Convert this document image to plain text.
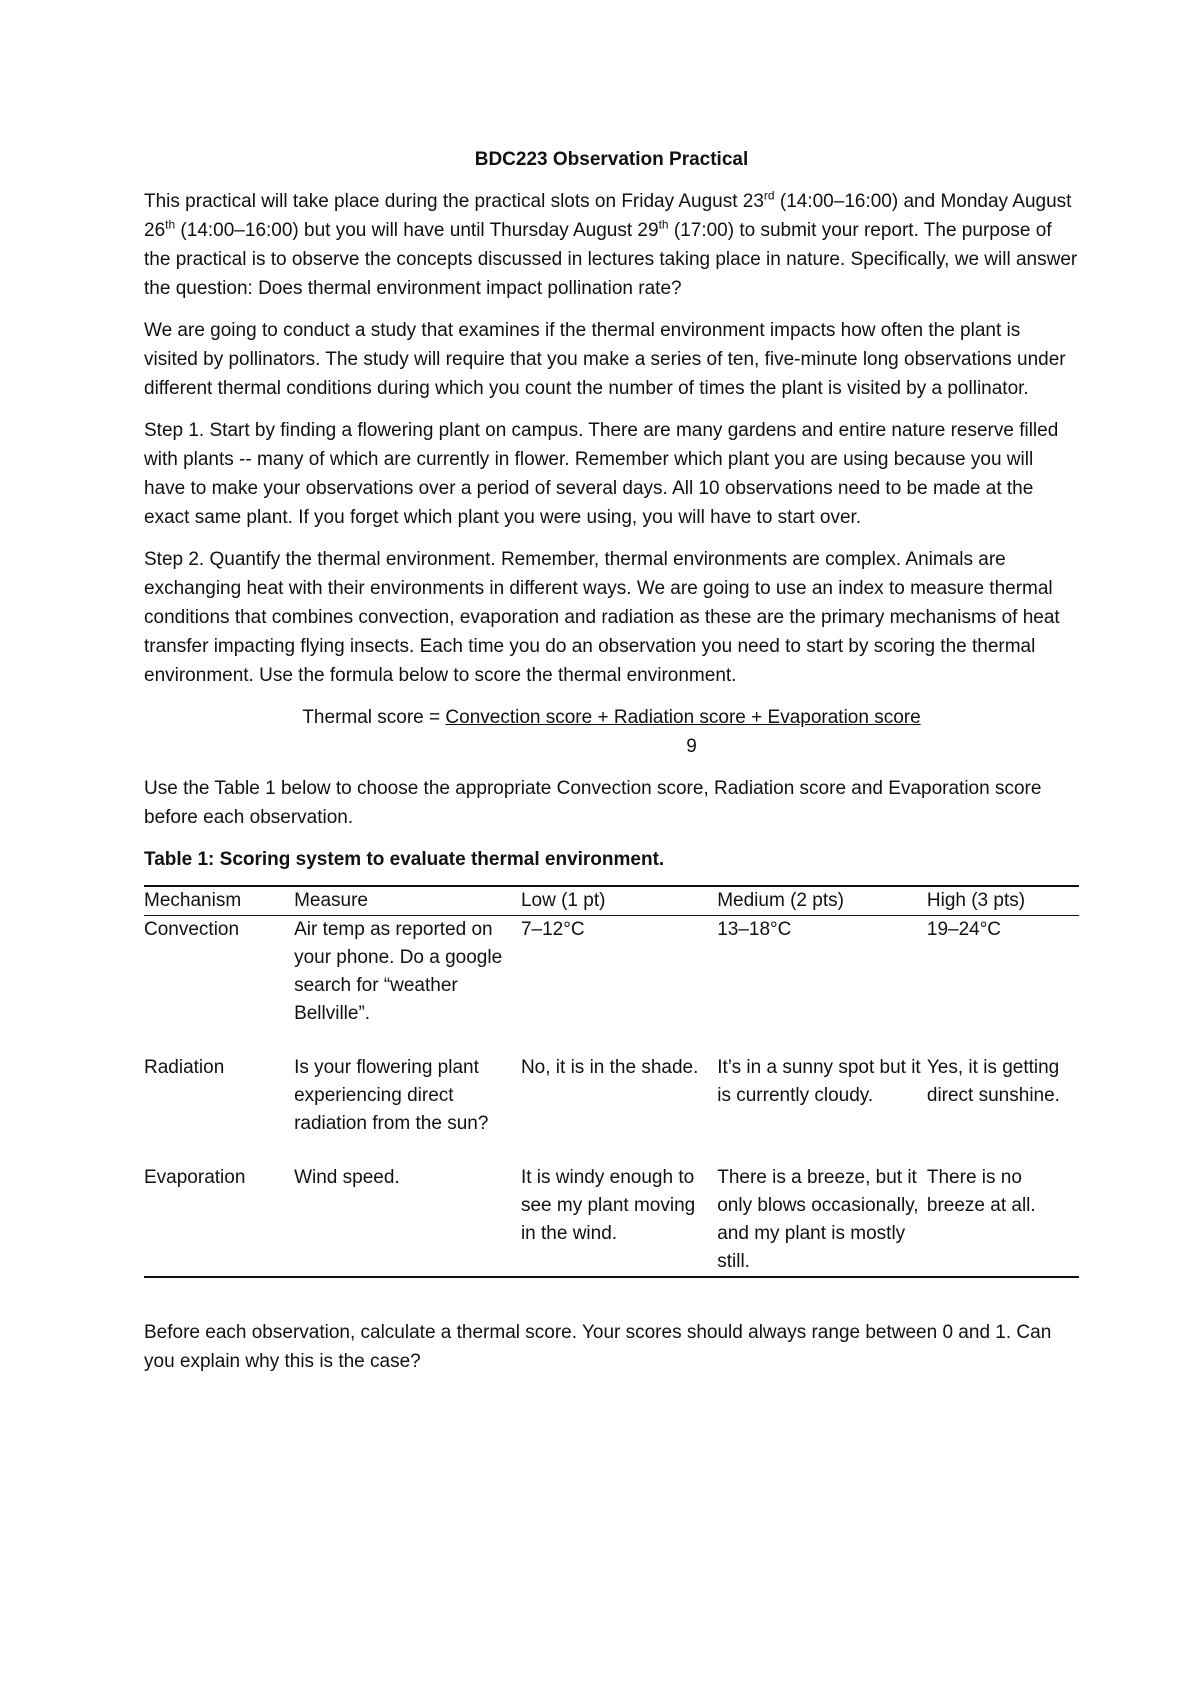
BDC223 Observation Practical

This practical will take place during the practical slots on Friday August 23rd (14:00–16:00) and Monday August 26th (14:00–16:00) but you will have until Thursday August 29th (17:00) to submit your report. The purpose of the practical is to observe the concepts discussed in lectures taking place in nature. Specifically, we will answer the question: Does thermal environment impact pollination rate?

We are going to conduct a study that examines if the thermal environment impacts how often the plant is visited by pollinators. The study will require that you make a series of ten, five-minute long observations under different thermal conditions during which you count the number of times the plant is visited by a pollinator.

Step 1. Start by finding a flowering plant on campus. There are many gardens and entire nature reserve filled with plants -- many of which are currently in flower. Remember which plant you are using because you will have to make your observations over a period of several days. All 10 observations need to be made at the exact same plant. If you forget which plant you were using, you will have to start over.

Step 2. Quantify the thermal environment. Remember, thermal environments are complex. Animals are exchanging heat with their environments in different ways. We are going to use an index to measure thermal conditions that combines convection, evaporation and radiation as these are the primary mechanisms of heat transfer impacting flying insects. Each time you do an observation you need to start by scoring the thermal environment. Use the formula below to score the thermal environment.

Thermal score = Convection score + Radiation score + Evaporation score
9

Use the Table 1 below to choose the appropriate Convection score, Radiation score and Evaporation score before each observation.

Table 1: Scoring system to evaluate thermal environment.

Mechanism	Measure	Low (1 pt)	Medium (2 pts)	High (3 pts)
Convection	Air temp as reported on your phone. Do a google search for “weather Bellville”.	7–12°C	13–18°C	19–24°C
Radiation	Is your flowering plant experiencing direct radiation from the sun?	No, it is in the shade.	It’s in a sunny spot but it is currently cloudy.	Yes, it is getting direct sunshine.
Evaporation	Wind speed.	It is windy enough to see my plant moving in the wind.	There is a breeze, but it only blows occasionally, and my plant is mostly still.	There is no breeze at all.

Before each observation, calculate a thermal score. Your scores should always range between 0 and 1. Can you explain why this is the case?
